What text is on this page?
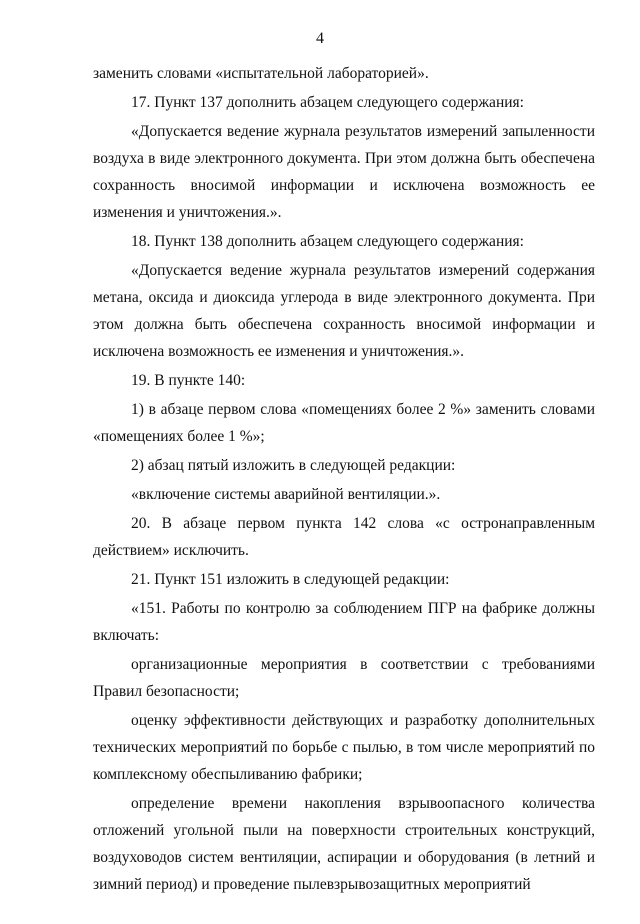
4

заменить словами «испытательной лабораторией».

17. Пункт 137 дополнить абзацем следующего содержания:

«Допускается ведение журнала результатов измерений запыленности воздуха в виде электронного документа. При этом должна быть обеспечена сохранность вносимой информации и исключена возможность ее изменения и уничтожения.».

18. Пункт 138 дополнить абзацем следующего содержания:

«Допускается ведение журнала результатов измерений содержания метана, оксида и диоксида углерода в виде электронного документа. При этом должна быть обеспечена сохранность вносимой информации и исключена возможность ее изменения и уничтожения.».

19. В пункте 140:

1) в абзаце первом слова «помещениях более 2 %» заменить словами «помещениях более 1 %»;

2) абзац пятый изложить в следующей редакции:

«включение системы аварийной вентиляции.».

20. В абзаце первом пункта 142 слова «с остронаправленным действием» исключить.

21. Пункт 151 изложить в следующей редакции:

«151. Работы по контролю за соблюдением ПГР на фабрике должны включать:

организационные мероприятия в соответствии с требованиями Правил безопасности;

оценку эффективности действующих и разработку дополнительных технических мероприятий по борьбе с пылью, в том числе мероприятий по комплексному обеспыливанию фабрики;

определение времени накопления взрывоопасного количества отложений угольной пыли на поверхности строительных конструкций, воздуховодов систем вентиляции, аспирации и оборудования (в летний и зимний период) и проведение пылевзрывозащитных мероприятий
